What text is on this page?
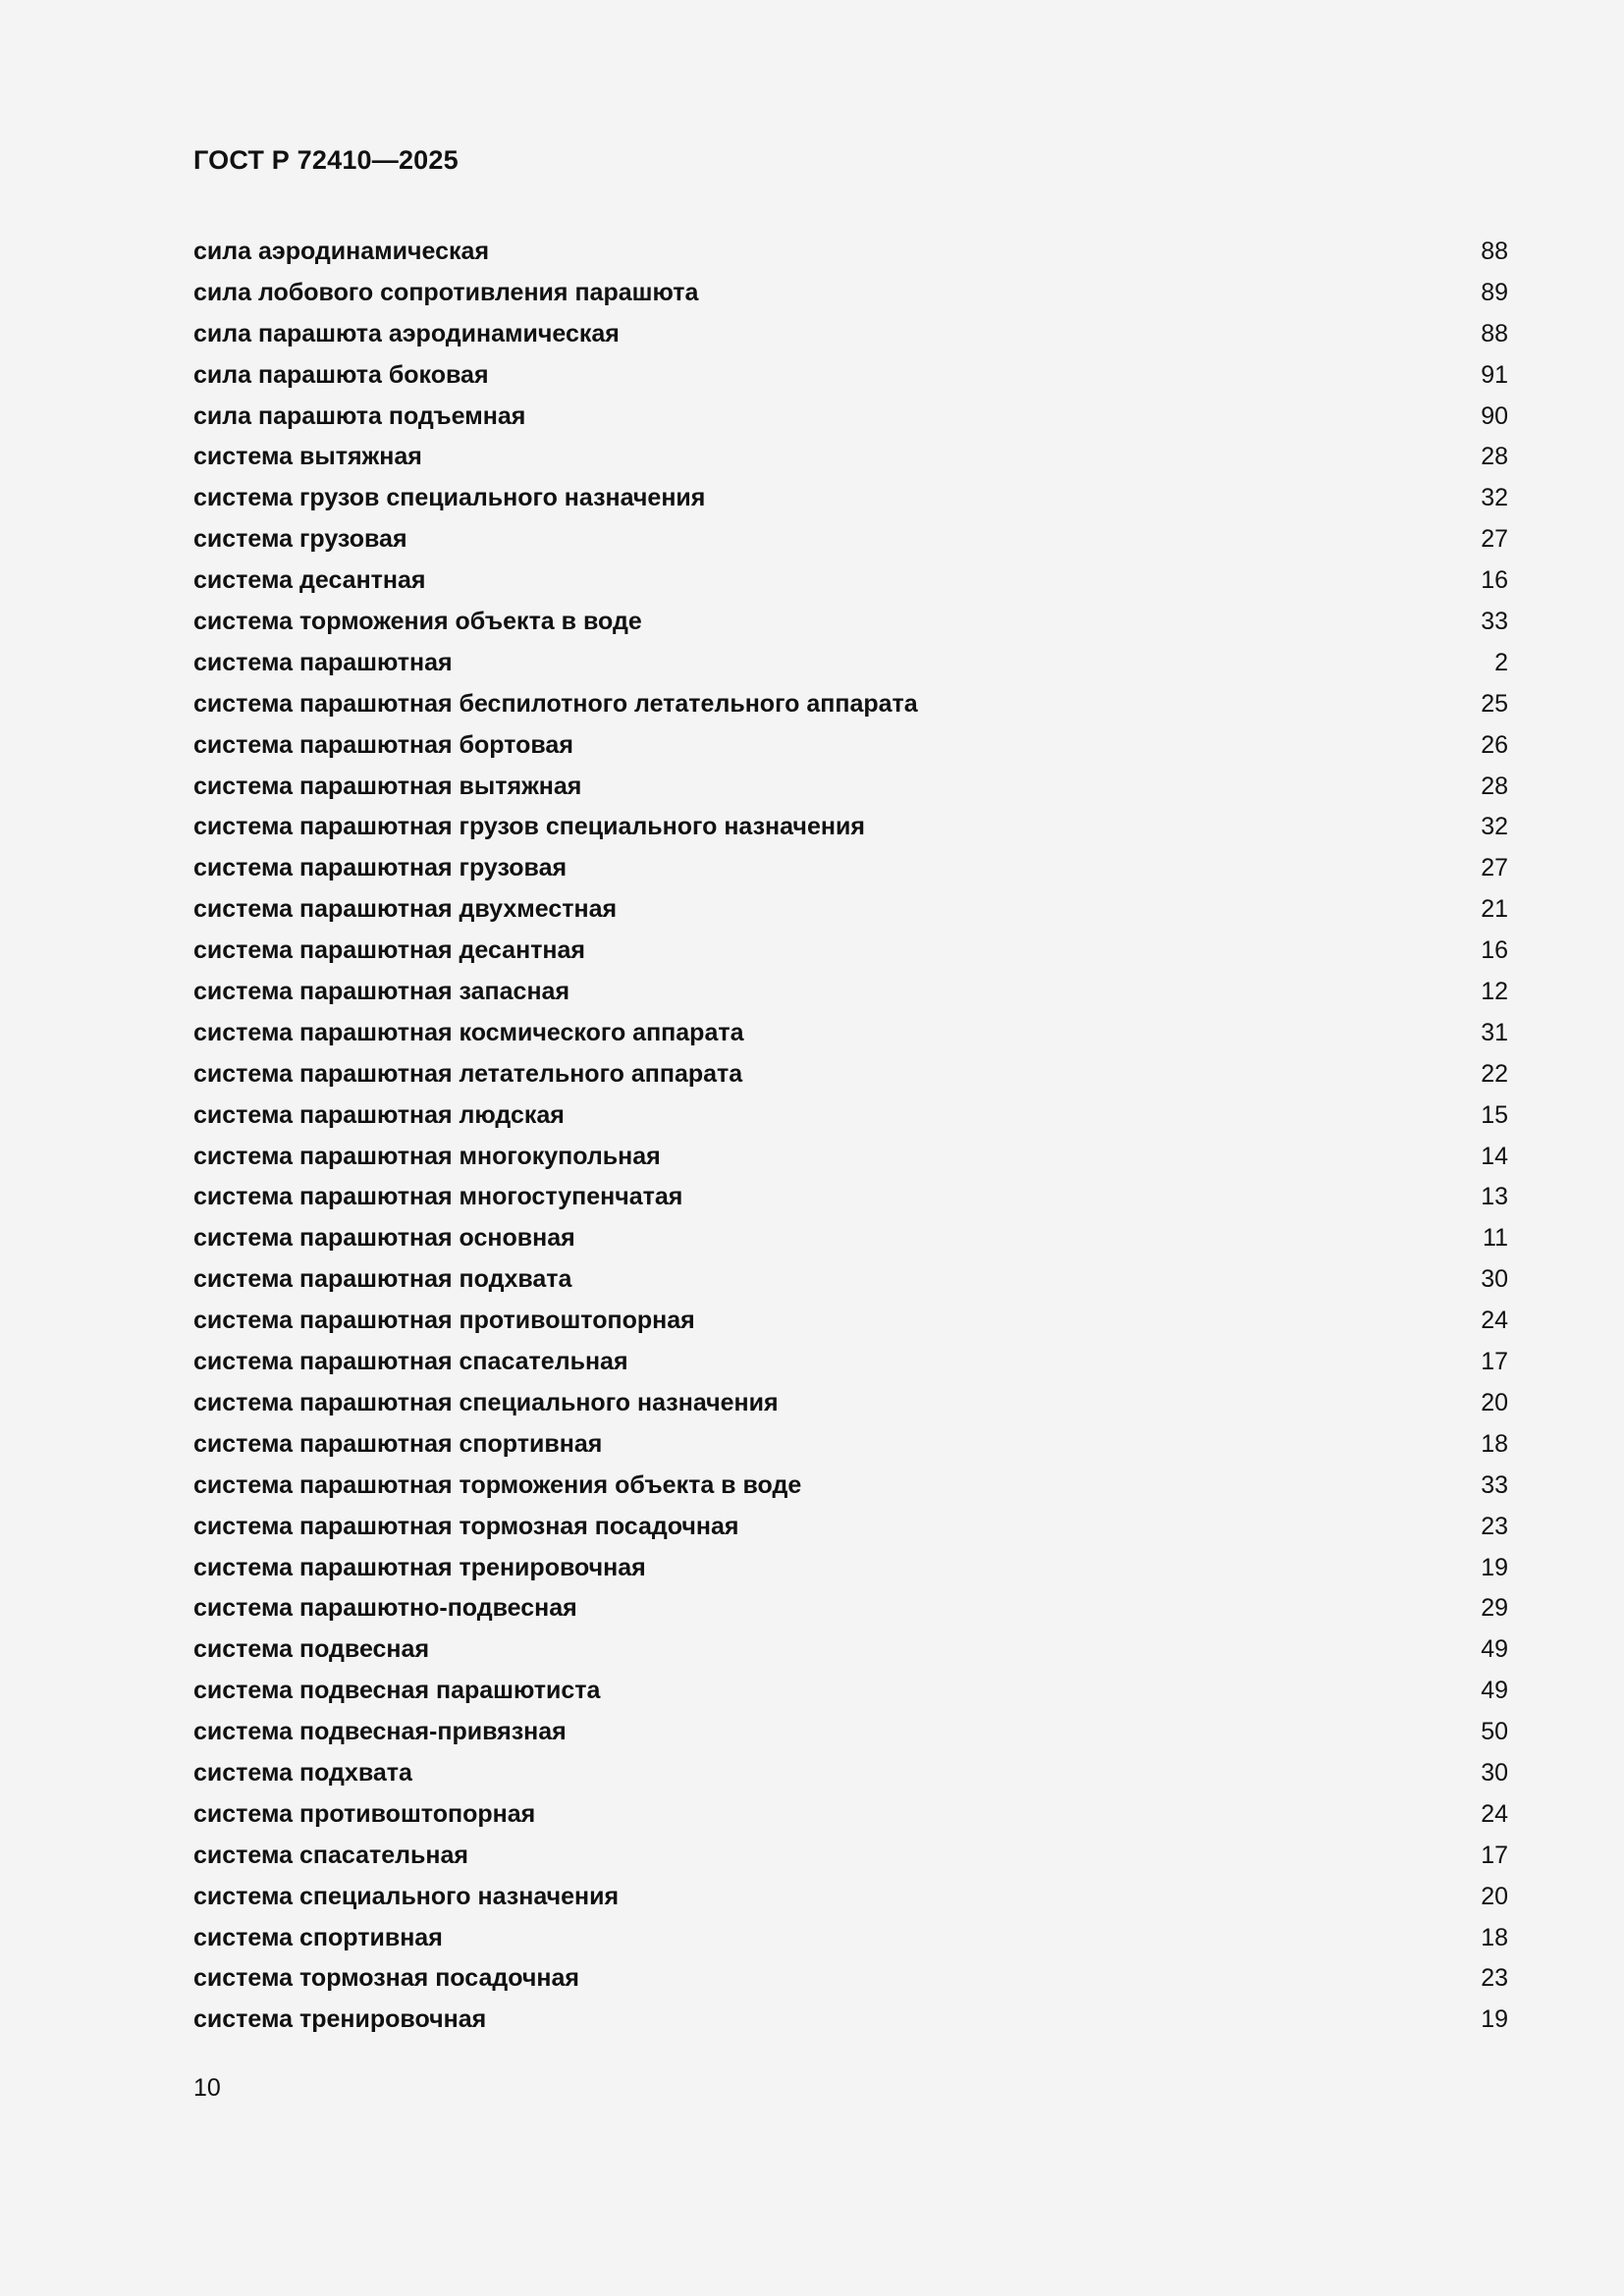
ГОСТ Р 72410—2025
сила аэродинамическая	88
сила лобового сопротивления парашюта	89
сила парашюта аэродинамическая	88
сила парашюта боковая	91
сила парашюта подъемная	90
система вытяжная	28
система грузов специального назначения	32
система грузовая	27
система десантная	16
система торможения объекта в воде	33
система парашютная	2
система парашютная беспилотного летательного аппарата	25
система парашютная бортовая	26
система парашютная вытяжная	28
система парашютная грузов специального назначения	32
система парашютная грузовая	27
система парашютная двухместная	21
система парашютная десантная	16
система парашютная запасная	12
система парашютная космического аппарата	31
система парашютная летательного аппарата	22
система парашютная людская	15
система парашютная многокупольная	14
система парашютная многоступенчатая	13
система парашютная основная	11
система парашютная подхвата	30
система парашютная противоштопорная	24
система парашютная спасательная	17
система парашютная специального назначения	20
система парашютная спортивная	18
система парашютная торможения объекта в воде	33
система парашютная тормозная посадочная	23
система парашютная тренировочная	19
система парашютно-подвесная	29
система подвесная	49
система подвесная парашютиста	49
система подвесная-привязная	50
система подхвата	30
система противоштопорная	24
система спасательная	17
система специального назначения	20
система спортивная	18
система тормозная посадочная	23
система тренировочная	19
10
